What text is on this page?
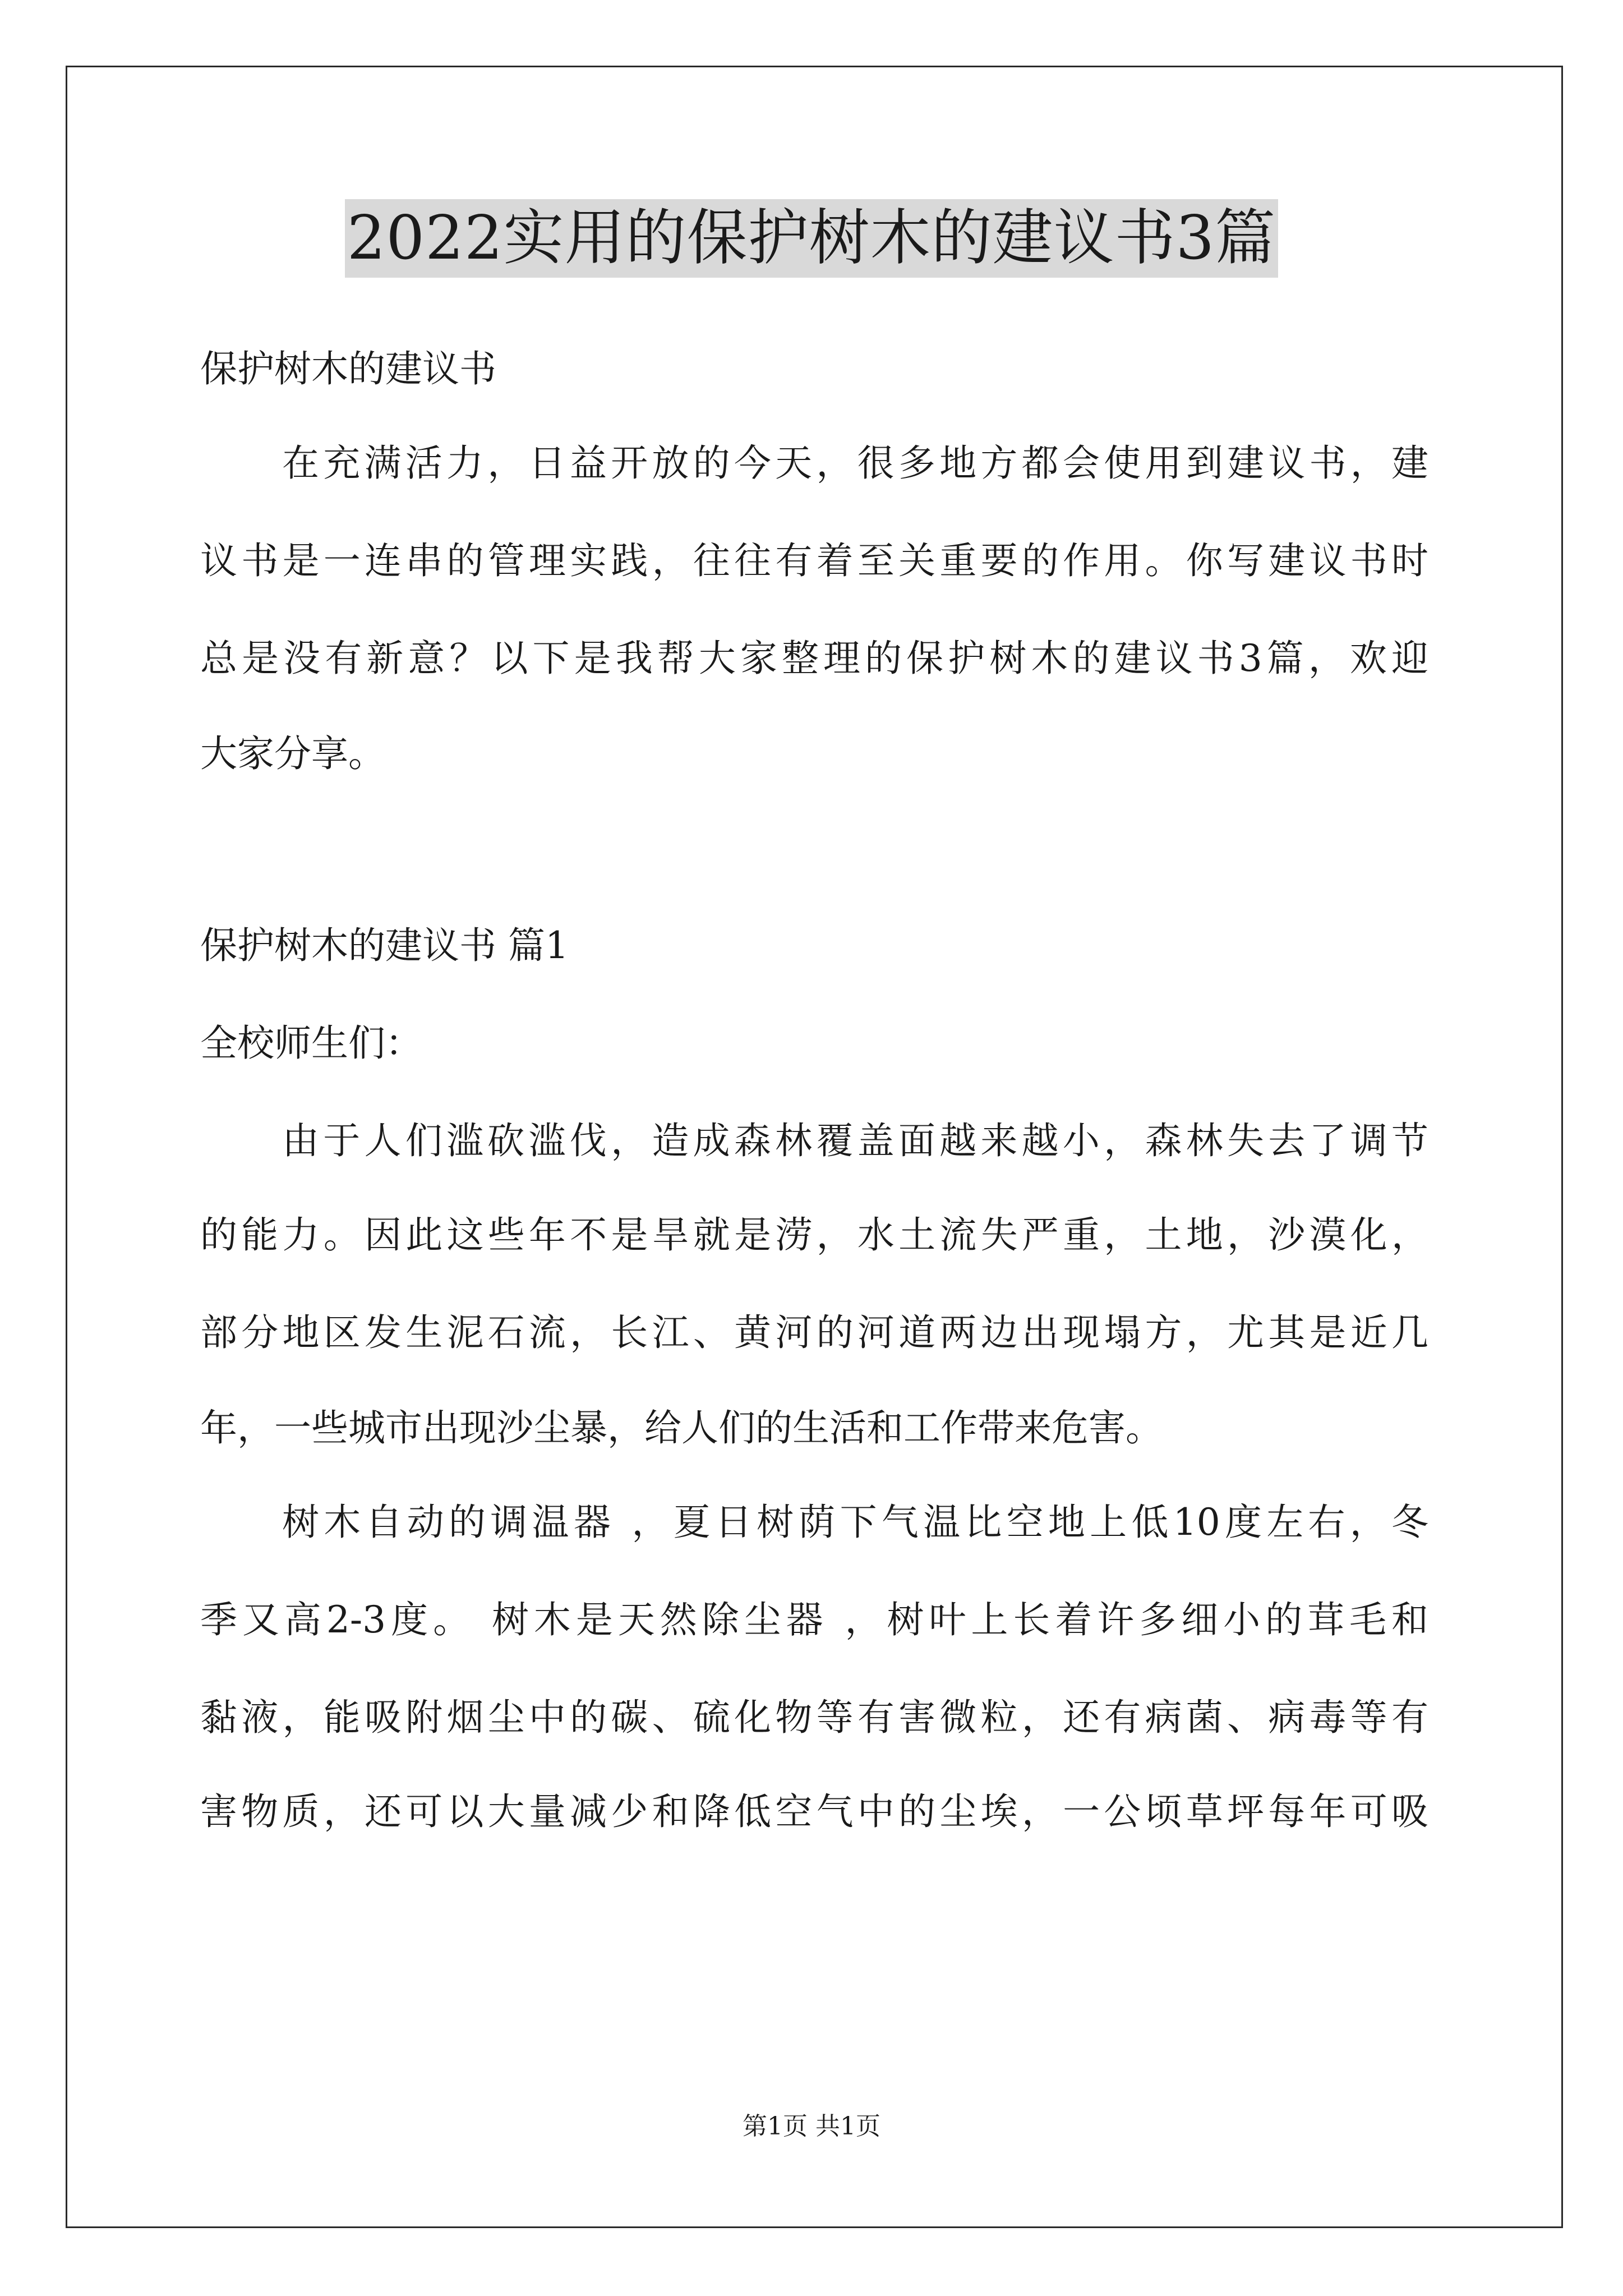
2022实用的保护树木的建议书3篇
保护树木的建议书
在充满活力，日益开放的今天，很多地方都会使用到建议书，建
议书是一连串的管理实践，往往有着至关重要的作用。你写建议书时
总是没有新意？以下是我帮大家整理的保护树木的建议书3篇，欢迎
大家分享。
保护树木的建议书 篇1
全校师生们：
由于人们滥砍滥伐，造成森林覆盖面越来越小，森林失去了调节
的能力。因此这些年不是旱就是涝，水土流失严重，土地，沙漠化，
部分地区发生泥石流，长江、黄河的河道两边出现塌方，尤其是近几
年，一些城市出现沙尘暴，给人们的生活和工作带来危害。
树木自动的调温器 ，夏日树荫下气温比空地上低10度左右，冬
季又高2-3度。 树木是天然除尘器 ，树叶上长着许多细小的茸毛和
黏液，能吸附烟尘中的碳、硫化物等有害微粒，还有病菌、病毒等有
害物质，还可以大量减少和降低空气中的尘埃，一公顷草坪每年可吸
第1页 共1页
